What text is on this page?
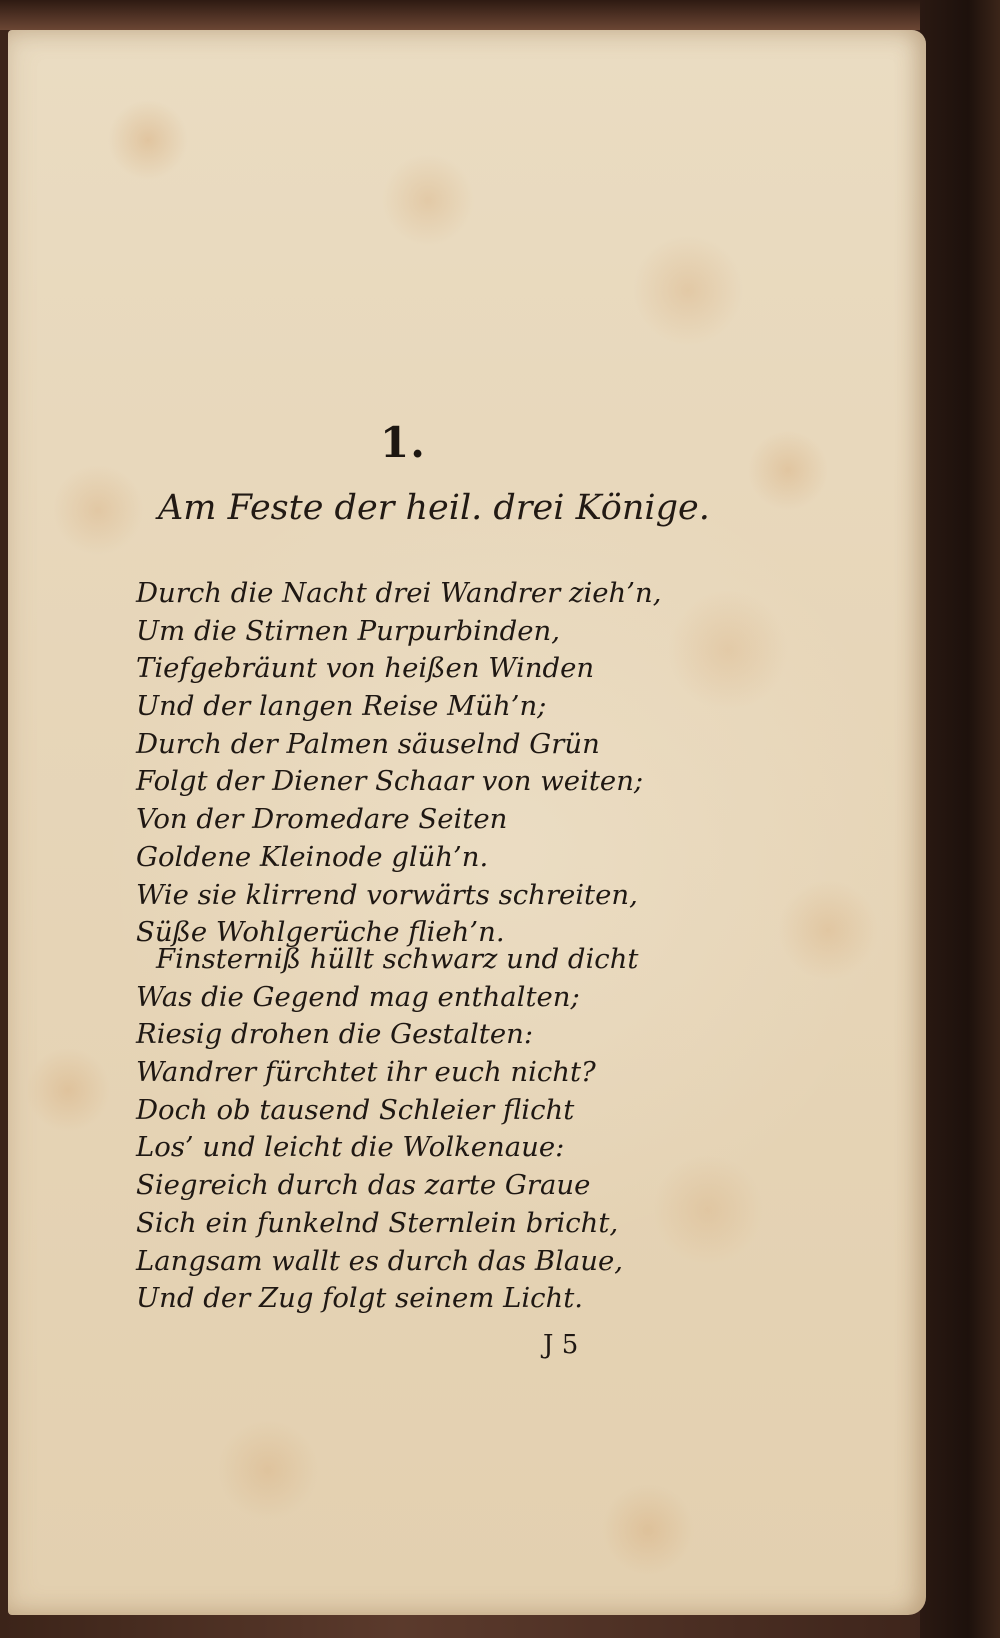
1.
Am Feste der heil. drei Könige.
Durch die Nacht drei Wandrer zieh’n,
Um die Stirnen Purpurbinden,
Tiefgebräunt von heißen Winden
Und der langen Reise Müh’n;
Durch der Palmen säuselnd Grün
Folgt der Diener Schaar von weiten;
Von der Dromedare Seiten
Goldene Kleinode glüh’n.
Wie sie klirrend vorwärts schreiten,
Süße Wohlgerüche flieh’n.
Finsterniß hüllt schwarz und dicht
Was die Gegend mag enthalten;
Riesig drohen die Gestalten:
Wandrer fürchtet ihr euch nicht?
Doch ob tausend Schleier flicht
Los’ und leicht die Wolkenaue:
Siegreich durch das zarte Graue
Sich ein funkelnd Sternlein bricht,
Langsam wallt es durch das Blaue,
Und der Zug folgt seinem Licht.
J 5
